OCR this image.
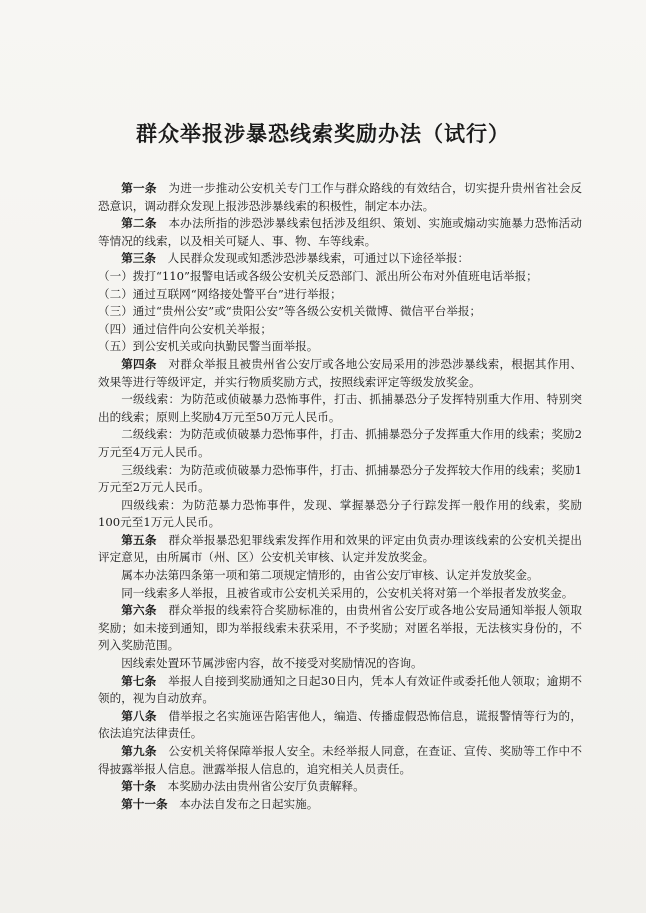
群众举报涉暴恐线索奖励办法（试行）

第一条　 为进一步推动公安机关专门工作与群众路线的有效结合，切实提升贵州省社会反恐意识，调动群众发现上报涉恐涉暴线索的积极性，制定本办法。

第二条　 本办法所指的涉恐涉暴线索包括涉及组织、策划、实施或煽动实施暴力恐怖活动等情况的线索，以及相关可疑人、事、物、车等线索。

第三条　 人民群众发现或知悉涉恐涉暴线索，可通过以下途径举报：

（一）拨打“110”报警电话或各级公安机关反恐部门、派出所公布对外值班电话举报；

（二）通过互联网“网络接处警平台”进行举报；

（三）通过“贵州公安”或“贵阳公安”等各级公安机关微博、微信平台举报；

（四）通过信件向公安机关举报；

（五）到公安机关或向执勤民警当面举报。

第四条　 对群众举报且被贵州省公安厅或各地公安局采用的涉恐涉暴线索，根据其作用、效果等进行等级评定，并实行物质奖励方式，按照线索评定等级发放奖金。

一级线索：为防范或侦破暴力恐怖事件，打击、抓捕暴恐分子发挥特别重大作用、特别突出的线索；原则上奖励4万元至50万元人民币。

二级线索：为防范或侦破暴力恐怖事件，打击、抓捕暴恐分子发挥重大作用的线索；奖励2万元至4万元人民币。

三级线索：为防范或侦破暴力恐怖事件，打击、抓捕暴恐分子发挥较大作用的线索；奖励1万元至2万元人民币。

四级线索：为防范暴力恐怖事件，发现、掌握暴恐分子行踪发挥一般作用的线索，奖励100元至1万元人民币。

第五条　 群众举报暴恐犯罪线索发挥作用和效果的评定由负责办理该线索的公安机关提出评定意见，由所属市（州、区）公安机关审核、认定并发放奖金。

属本办法第四条第一项和第二项规定情形的，由省公安厅审核、认定并发放奖金。

同一线索多人举报，且被省或市公安机关采用的，公安机关将对第一个举报者发放奖金。

第六条　 群众举报的线索符合奖励标准的，由贵州省公安厅或各地公安局通知举报人领取奖励；如未接到通知，即为举报线索未获采用，不予奖励；对匿名举报，无法核实身份的，不列入奖励范围。

因线索处置环节属涉密内容，故不接受对奖励情况的咨询。

第七条　 举报人自接到奖励通知之日起30日内，凭本人有效证件或委托他人领取；逾期不领的，视为自动放弃。

第八条　 借举报之名实施诬告陷害他人，编造、传播虚假恐怖信息，谎报警情等行为的，依法追究法律责任。

第九条　 公安机关将保障举报人安全。未经举报人同意，在查证、宣传、奖励等工作中不得披露举报人信息。泄露举报人信息的，追究相关人员责任。

第十条　 本奖励办法由贵州省公安厅负责解释。

第十一条　 本办法自发布之日起实施。
